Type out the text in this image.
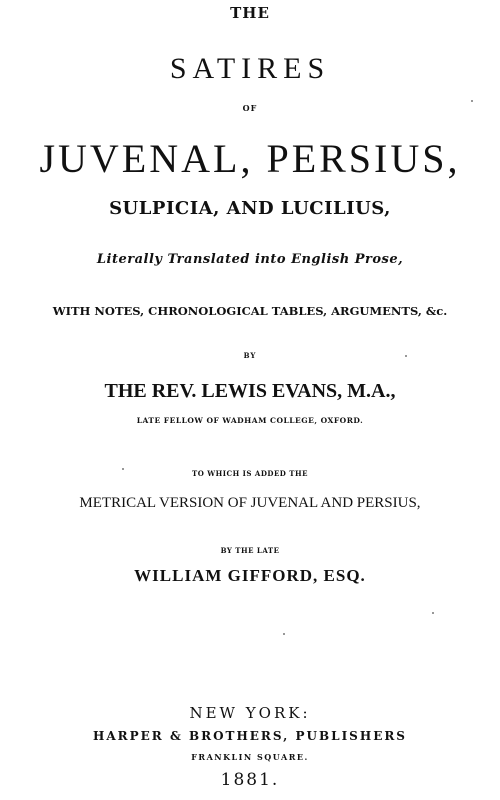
THE
SATIRES
OF
JUVENAL, PERSIUS,
SULPICIA, AND LUCILIUS,
Literally Translated into English Prose,
WITH NOTES, CHRONOLOGICAL TABLES, ARGUMENTS, &c.
BY
THE REV. LEWIS EVANS, M.A.,
LATE FELLOW OF WADHAM COLLEGE, OXFORD.
TO WHICH IS ADDED THE
METRICAL VERSION OF JUVENAL AND PERSIUS,
BY THE LATE
WILLIAM GIFFORD, ESQ.
NEW YORK:
HARPER & BROTHERS, PUBLISHERS
FRANKLIN SQUARE.
1881.
